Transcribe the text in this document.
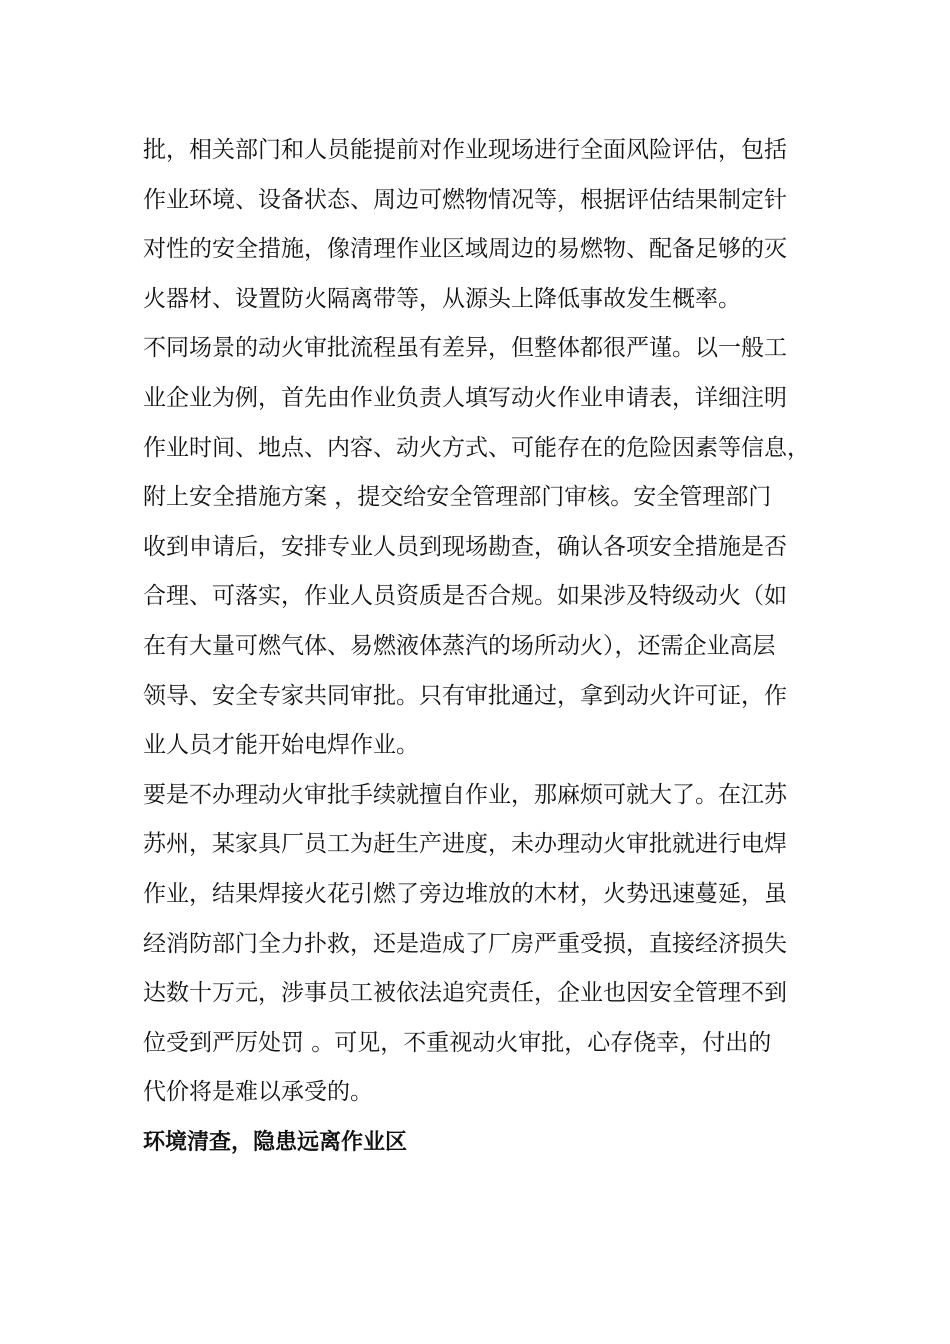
批，相关部门和人员能提前对作业现场进行全面风险评估，包括
作业环境、设备状态、周边可燃物情况等，根据评估结果制定针
对性的安全措施，像清理作业区域周边的易燃物、配备足够的灭
火器材、设置防火隔离带等，从源头上降低事故发生概率。
不同场景的动火审批流程虽有差异，但整体都很严谨。以一般工
业企业为例，首先由作业负责人填写动火作业申请表，详细注明
作业时间、地点、内容、动火方式、可能存在的危险因素等信息，
附上安全措施方案 ，提交给安全管理部门审核。安全管理部门
收到申请后，安排专业人员到现场勘查，确认各项安全措施是否
合理、可落实，作业人员资质是否合规。如果涉及特级动火（如
在有大量可燃气体、易燃液体蒸汽的场所动火），还需企业高层
领导、安全专家共同审批。只有审批通过，拿到动火许可证，作
业人员才能开始电焊作业。
要是不办理动火审批手续就擅自作业，那麻烦可就大了。在江苏
苏州，某家具厂员工为赶生产进度，未办理动火审批就进行电焊
作业，结果焊接火花引燃了旁边堆放的木材，火势迅速蔓延，虽
经消防部门全力扑救，还是造成了厂房严重受损，直接经济损失
达数十万元，涉事员工被依法追究责任，企业也因安全管理不到
位受到严厉处罚 。可见，不重视动火审批，心存侥幸，付出的
代价将是难以承受的。
环境清查，隐患远离作业区
